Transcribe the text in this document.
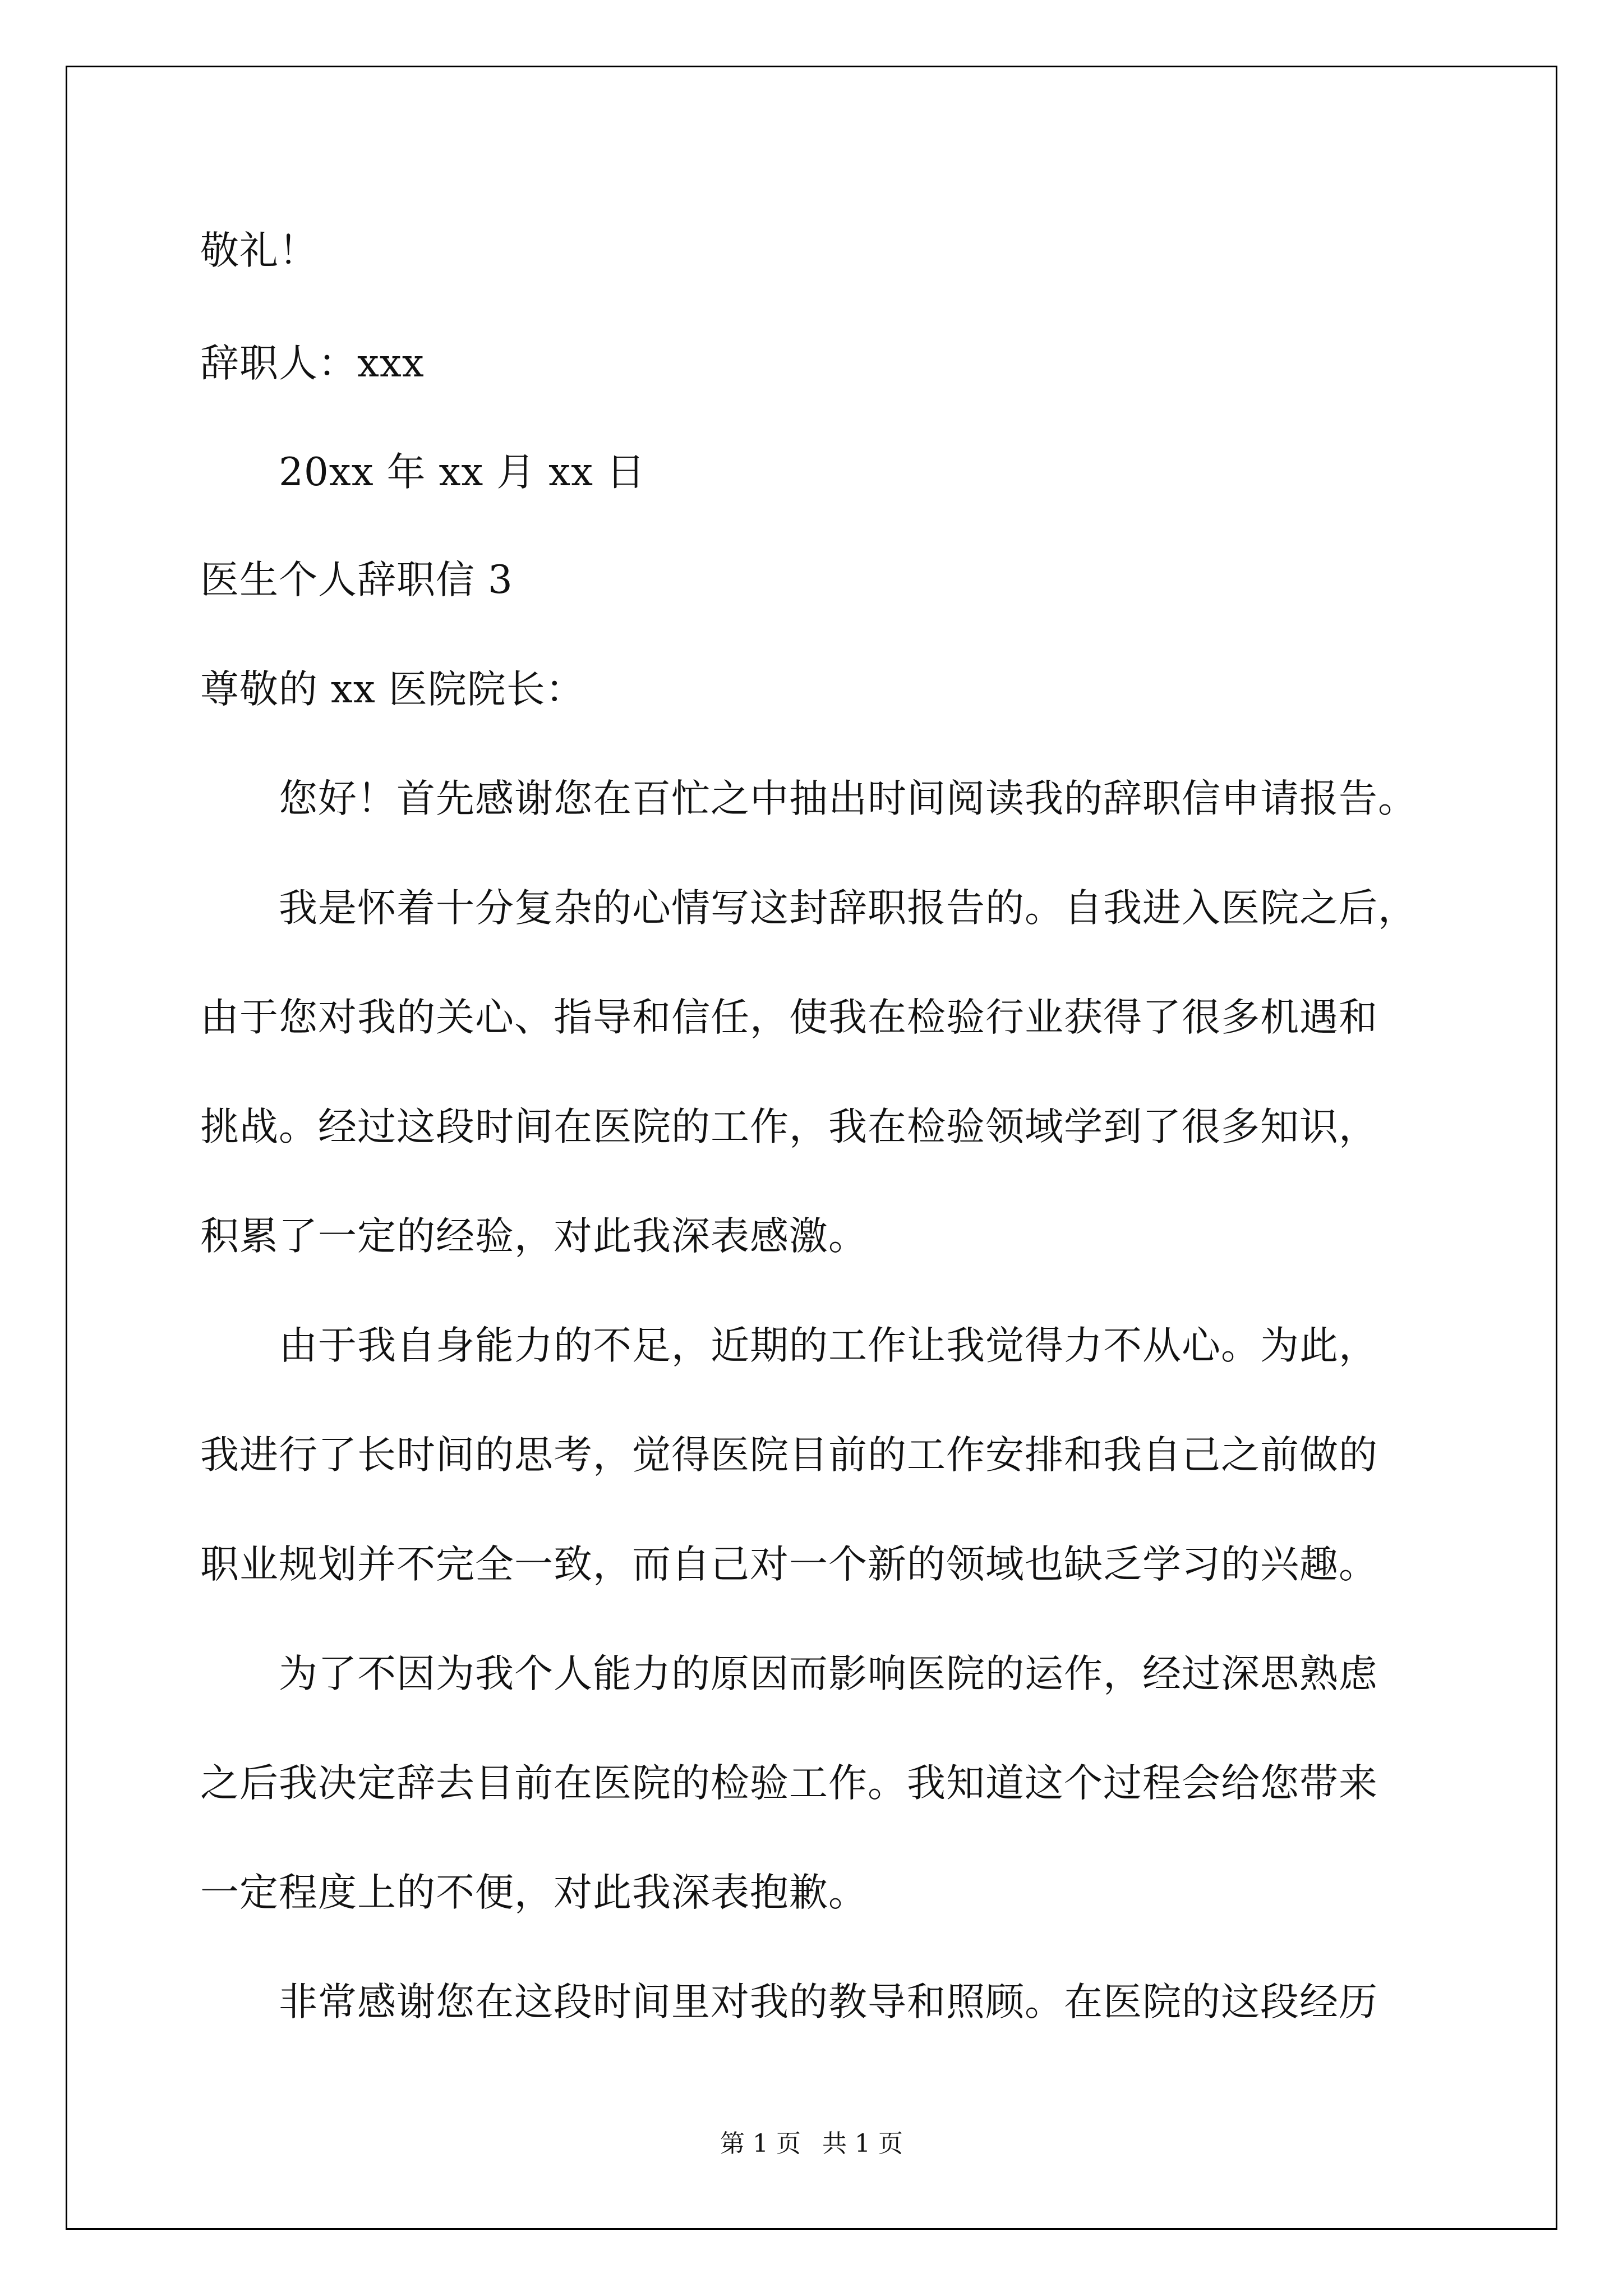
敬礼！
辞职人：xxx
20xx 年 xx 月 xx 日
医生个人辞职信 3
尊敬的 xx 医院院长：
您好！首先感谢您在百忙之中抽出时间阅读我的辞职信申请报告。
我是怀着十分复杂的心情写这封辞职报告的。自我进入医院之后，
由于您对我的关心、指导和信任，使我在检验行业获得了很多机遇和
挑战。经过这段时间在医院的工作，我在检验领域学到了很多知识，
积累了一定的经验，对此我深表感激。
由于我自身能力的不足，近期的工作让我觉得力不从心。为此，
我进行了长时间的思考，觉得医院目前的工作安排和我自己之前做的
职业规划并不完全一致，而自己对一个新的领域也缺乏学习的兴趣。
为了不因为我个人能力的原因而影响医院的运作，经过深思熟虑
之后我决定辞去目前在医院的检验工作。我知道这个过程会给您带来
一定程度上的不便，对此我深表抱歉。
非常感谢您在这段时间里对我的教导和照顾。在医院的这段经历
第 1 页 共 1 页
